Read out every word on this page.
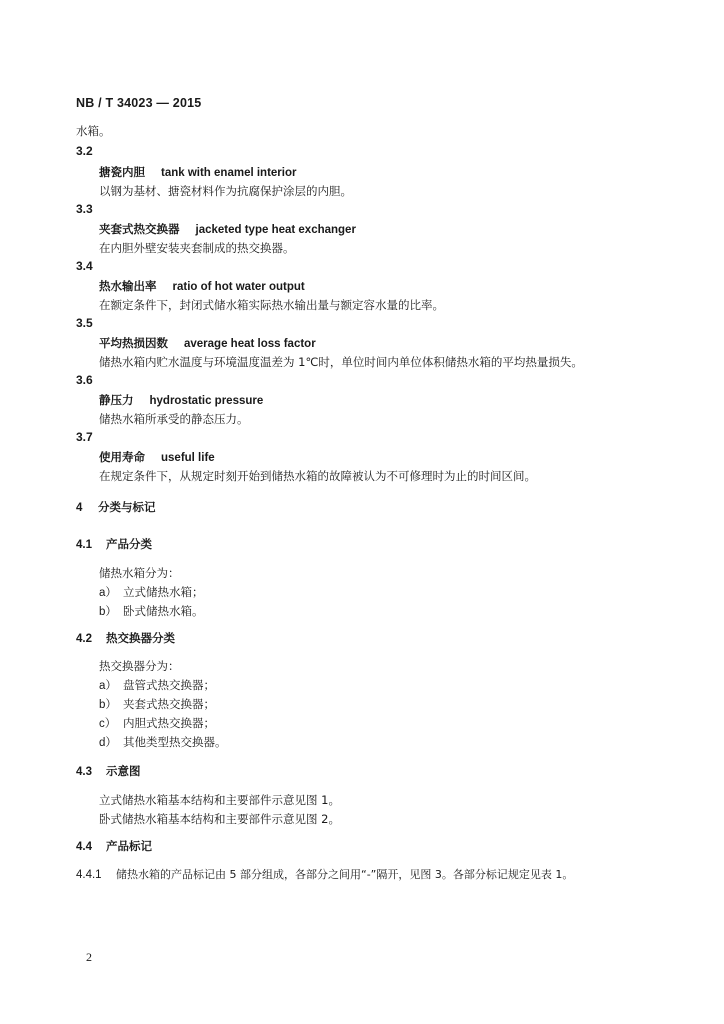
NB / T 34023 — 2015
水箱。
3.2
搪瓷内胆 tank with enamel interior
以钢为基材、搪瓷材料作为抗腐保护涂层的内胆。
3.3
夹套式热交换器 jacketed type heat exchanger
在内胆外壁安装夹套制成的热交换器。
3.4
热水输出率 ratio of hot water output
在额定条件下，封闭式储水箱实际热水输出量与额定容水量的比率。
3.5
平均热损因数 average heat loss factor
储热水箱内贮水温度与环境温度温差为 1℃时，单位时间内单位体积储热水箱的平均热量损失。
3.6
静压力 hydrostatic pressure
储热水箱所承受的静态压力。
3.7
使用寿命 useful life
在规定条件下，从规定时刻开始到储热水箱的故障被认为不可修理时为止的时间区间。
4 分类与标记
4.1 产品分类
储热水箱分为：
a） 立式储热水箱；
b） 卧式储热水箱。
4.2 热交换器分类
热交换器分为：
a） 盘管式热交换器；
b） 夹套式热交换器；
c） 内胆式热交换器；
d） 其他类型热交换器。
4.3 示意图
立式储热水箱基本结构和主要部件示意见图 1。
卧式储热水箱基本结构和主要部件示意见图 2。
4.4 产品标记
4.4.1 储热水箱的产品标记由 5 部分组成，各部分之间用“-”隔开，见图 3。各部分标记规定见表 1。
2
